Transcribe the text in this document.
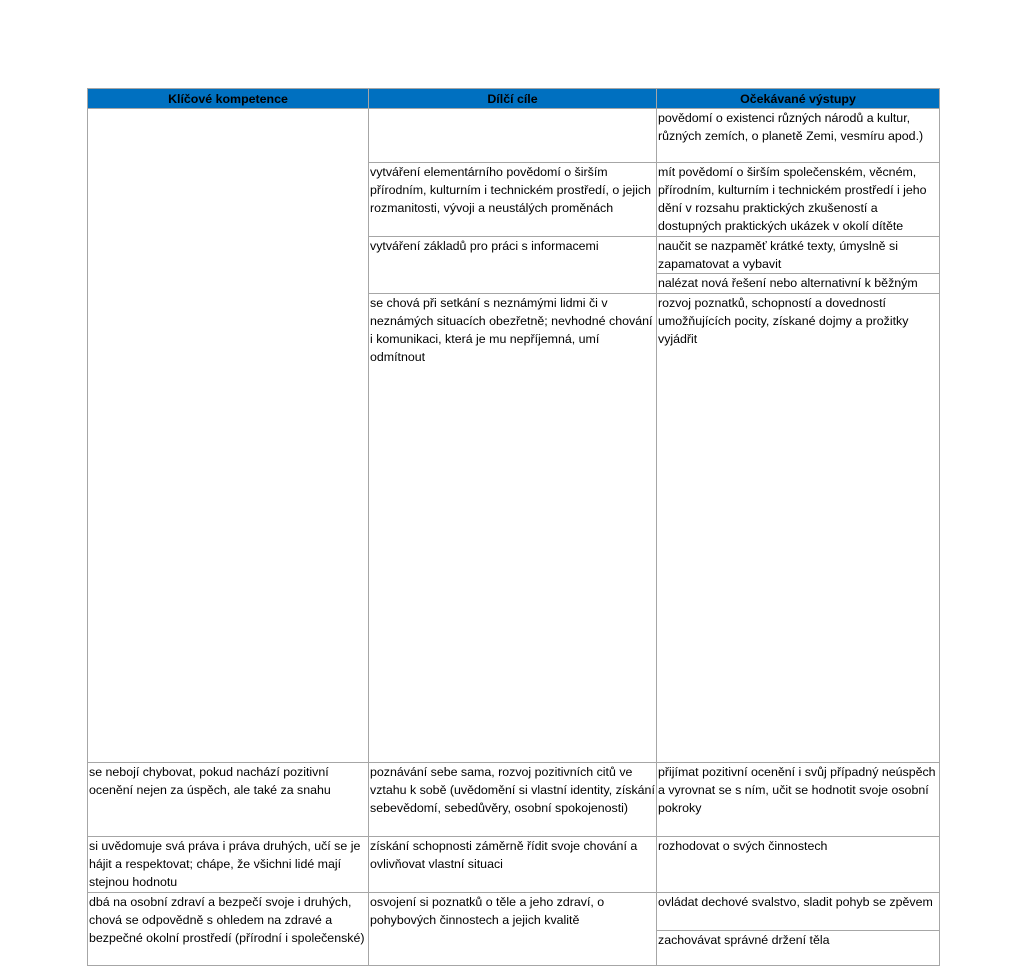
Klíčové kompetence	Dílčí cíle	Očekávané výstupy	
		povědomí o existenci různých národů a kultur, různých zemích, o planetě Zemi, vesmíru apod.)	
	vytváření elementárního povědomí o širším přírodním, kulturním i technickém prostředí, o jejich rozmanitosti, vývoji a neustálých proměnách	mít povědomí o širším společenském, věcném, přírodním, kulturním i technickém prostředí i jeho dění v rozsahu praktických zkušeností a dostupných praktických ukázek v okolí dítěte	
	vytváření základů pro práci s informacemi	naučit se nazpaměť krátké texty, úmyslně si zapamatovat a vybavit	
		nalézat nová řešení nebo alternativní k běžným	
	se chová při setkání s neznámými lidmi či v neznámých situacích obezřetně; nevhodné chování i komunikaci, která je mu nepříjemná, umí odmítnout	rozvoj poznatků, schopností a dovedností umožňujících pocity, získané dojmy a prožitky vyjádřit	
se nebojí chybovat, pokud nachází pozitivní ocenění nejen za úspěch, ale také za snahu	poznávání sebe sama, rozvoj pozitivních citů ve vztahu k sobě (uvědomění si vlastní identity, získání sebevědomí, sebedůvěry, osobní spokojenosti)	přijímat pozitivní ocenění i svůj případný neúspěch a vyrovnat se s ním, učit se hodnotit svoje osobní pokroky	
si uvědomuje svá práva i práva druhých, učí se je hájit a respektovat; chápe, že všichni lidé mají stejnou hodnotu	získání schopnosti záměrně řídit svoje chování a ovlivňovat vlastní situaci	rozhodovat o svých činnostech	
dbá na osobní zdraví a bezpečí svoje i druhých, chová se odpovědně s ohledem na zdravé a bezpečné okolní prostředí (přírodní i společenské)	osvojení si poznatků o těle a jeho zdraví, o pohybových činnostech a jejich kvalitě	ovládat dechové svalstvo, sladit pohyb se zpěvem	
		zachovávat správné držení těla	
